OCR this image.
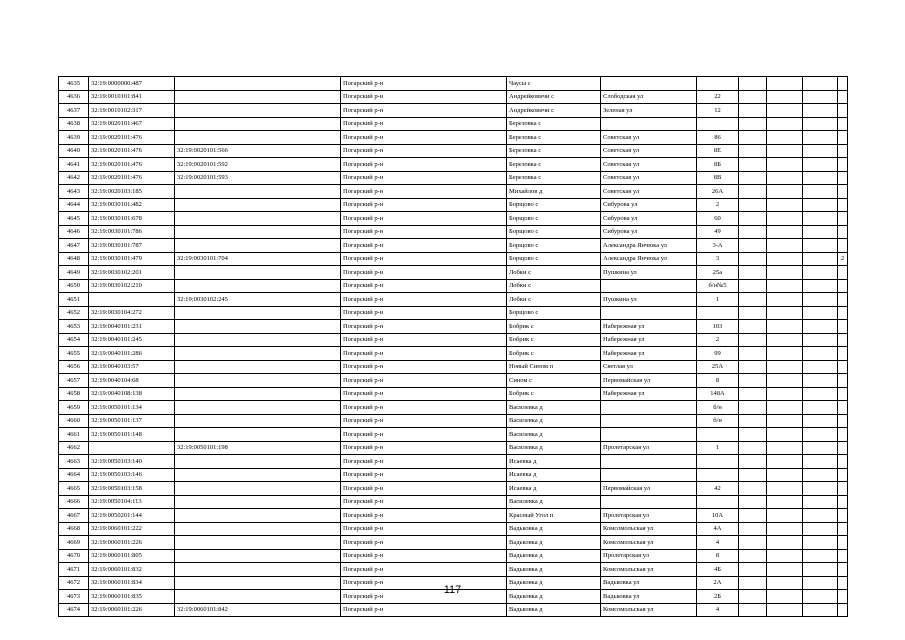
4635	32:19:0000000:487		Погарский р-н	Чаусы с						
4636	32:19:0010101:841		Погарский р-н	Андрейковичи с	Слободская ул	22				
4637	32:19:0010102:317		Погарский р-н	Андрейковичи с	Зеленая ул	12				
4638	32:19:0020101:467		Погарский р-н	Березовка с						
4639	32:19:0020101:476		Погарский р-н	Березовка с	Советская ул	86				
4640	32:19:0020101:476	32:19:0020101:566	Погарский р-н	Березовка с	Советская ул	8Е				
4641	32:19:0020101:476	32:19:0020101:592	Погарский р-н	Березовка с	Советская ул	8Б				
4642	32:19:0020101:476	32:19:0020101:593	Погарский р-н	Березовка с	Советская ул	8В				
4643	32:19:0020103:185		Погарский р-н	Михайлов д	Советская ул	26А				
4644	32:19:0030101:482		Погарский р-н	Борщово с	Сибурова ул	2				
4645	32:19:0030101:678		Погарский р-н	Борщово с	Сибурова ул	60				
4646	32:19:0030101:786		Погарский р-н	Борщово с	Сибурова ул	49				
4647	32:19:0030101:787		Погарский р-н	Борщово с	Александра Янчюка ул	3-А				
4648	32:19:0030101:479	32:19:0030101:704	Погарский р-н	Борщово с	Александра Янчюка ул	3				2
4649	32:19:0030102:201		Погарский р-н	Лобки с	Пушкина ул	25а				
4650	32:19:0030102:210		Погарский р-н	Лобки с		б/н№5				
4651		32:19:0030102:245	Погарский р-н	Лобки с	Пушкина ул	1				
4652	32:19:0030104:272		Погарский р-н	Борщово с						
4653	32:19:0040101:231		Погарский р-н	Бобрик с	Набережная ул	103				
4654	32:19:0040101:245		Погарский р-н	Бобрик с	Набережная ул	2				
4655	32:19:0040101:286		Погарский р-н	Бобрик с	Набережная ул	99				
4656	32:19:0040103:57		Погарский р-н	Новый Сином п	Светлая ул	25А				
4657	32:19:0040104:68		Погарский р-н	Сином с	Первомайская ул	8				
4658	32:19:0040108:138		Погарский р-н	Бобрик с	Набережная ул	148А				
4659	32:19:0050101:134		Погарский р-н	Василевка д		б/н				
4660	32:19:0050101:137		Погарский р-н	Василевка д		б/н				
4661	32:19:0050101:148		Погарский р-н	Василевка д						
4662		32:19:0050101:198	Погарский р-н	Василевка д	Пролетарская ул	1				
4663	32:19:0050103:140		Погарский р-н	Исаевка д						
4664	32:19:0050103:146		Погарский р-н	Исаевка д						
4665	32:19:0050103:158		Погарский р-н	Исаевка д	Первомайская ул	42				
4666	32:19:0050104:113		Погарский р-н	Василевка д						
4667	32:19:0050201:144		Погарский р-н	Красный Угол п	Пролетарская ул	10А				
4668	32:19:0060101:222		Погарский р-н	Вадьковка д	Комсомольская ул	4А				
4669	32:19:0060101:226		Погарский р-н	Вадьковка д	Комсомольская ул	4				
4670	32:19:0060101:805		Погарский р-н	Вадьковка д	Пролетарская ул	8				
4671	32:19:0060101:832		Погарский р-н	Вадьковка д	Комсомольская ул	4Б				
4672	32:19:0060101:834		Погарский р-н	Вадьковка д	Вадьковка ул	2А				
4673	32:19:0060101:835		Погарский р-н	Вадьковка д	Вадьковка ул	2Б				
4674	32:19:0060101:226	32:19:0060101:842	Погарский р-н	Вадьковка д	Комсомольская ул	4				
117
